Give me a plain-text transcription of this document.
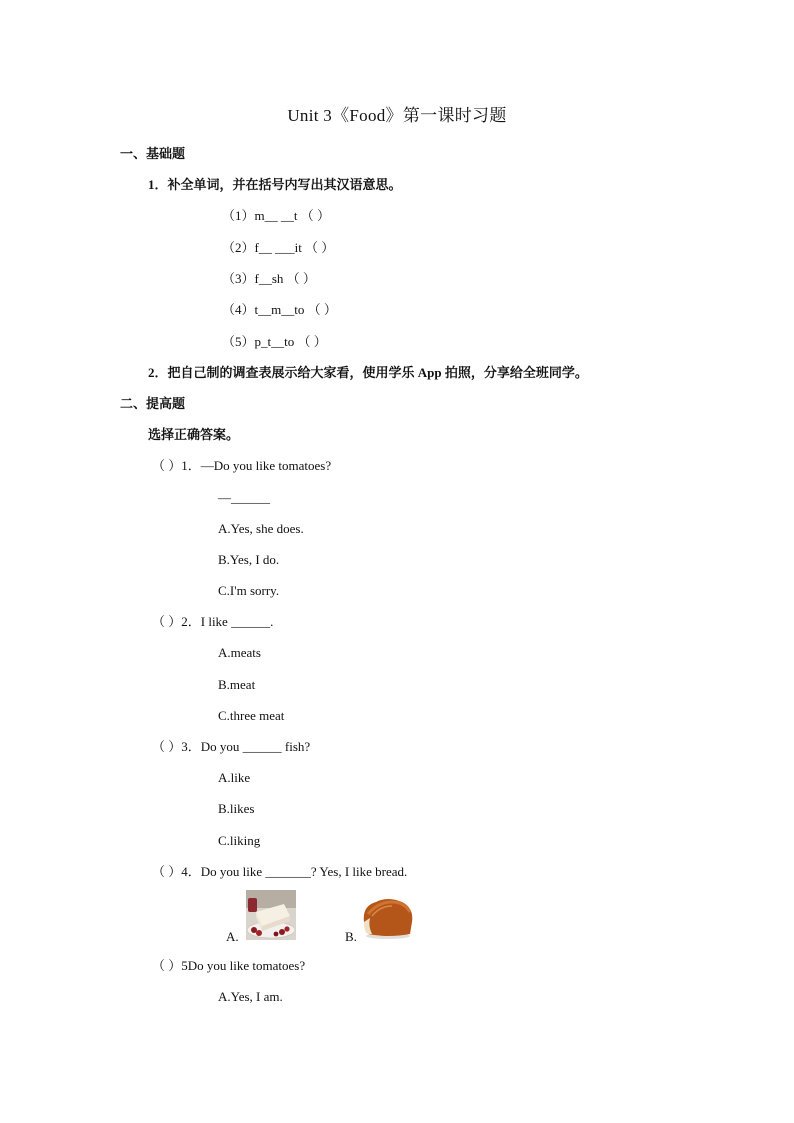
Unit 3《Food》第一课时习题
一、基础题
1．补全单词，并在括号内写出其汉语意思。
（1）m__ __t （ ）
（2）f__ ___it （ ）
（3）f__sh （ ）
（4）t__m__to （ ）
（5）p_t__to （ ）
2．把自己制的调查表展示给大家看，使用学乐 App 拍照，分享给全班同学。
二、提高题
选择正确答案。
（ ）1．—Do you like tomatoes?
—______
A.Yes, she does.
B.Yes, I do.
C.I'm sorry.
（ ）2．I like ______.
A.meats
B.meat
C.three meat
（ ）3．Do you ______ fish?
A.like
B.likes
C.liking
（ ）4．Do you like _______? Yes, I like bread.
A.	B.
（ ）5Do you like tomatoes?
A.Yes, I am.
